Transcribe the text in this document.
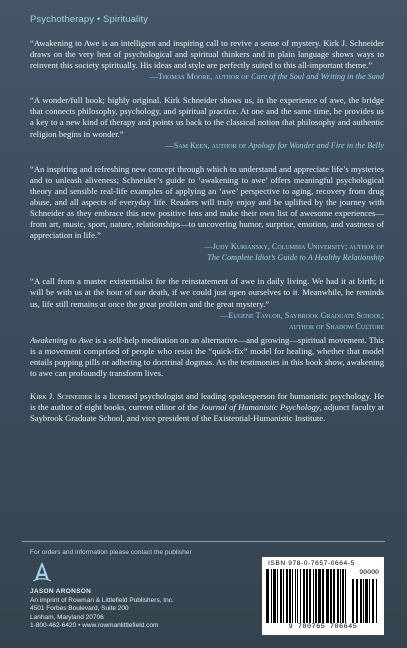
Psychotherapy • Spirituality
“Awakening to Awe is an intelligent and inspiring call to revive a sense of mystery. Kirk J. Schneider draws on the very best of psychological and spiritual thinkers and in plain language shows ways to reinvent this society spiritually. His ideas and style are perfectly suited to this all-important theme.”
—Thomas Moore, author of Care of the Soul and Writing in the Sand
“A wonder/full book; highly original. Kirk Schneider shows us, in the experience of awe, the bridge that connects philosophy, psychology, and spiritual practice. At one and the same time, he provides us a key to a new kind of therapy and points us back to the classical notion that philosophy and authentic religion begins in wonder.”
—Sam Keen, author of Apology for Wonder and Fire in the Belly
“An inspiring and refreshing new concept through which to understand and appreciate life’s mysteries and to unleash aliveness; Schneider’s guide to ‘awakening to awe’ offers meaningful psychological theory and sensible real-life examples of applying an ‘awe’ perspective to aging, recovery from drug abuse, and all aspects of everyday life. Readers will truly enjoy and be uplifted by the journey with Schneider as they embrace this new positive lens and make their own list of awesome experiences—from art, music, sport, nature, relationships—to uncovering humor, surprise, emotion, and vastness of appreciation in life.”
—Judy Kuriansky, Columbia University; author of
The Complete Idiot’s Guide to A Healthy Relationship
“A call from a master existentialist for the reinstatement of awe in daily living. We had it at birth; it will be with us at the hour of our death, if we could just open ourselves to it. Meanwhile, he reminds us, life still remains at once the great problem and the great mystery.”
—Eugene Taylor, Saybrook Graduate School;
author of Shadow Culture
Awakening to Awe is a self-help meditation on an alternative—and growing—spiritual movement. This is a movement comprised of people who resist the “quick-fix” model for healing, whether that model entails popping pills or adhering to doctrinal dogmas. As the testimonies in this book show, awakening to awe can profoundly transform lives.
Kirk J. Schneider is a licensed psychologist and leading spokesperson for humanistic psychology. He is the author of eight books, current editor of the Journal of Humanistic Psychology, adjunct faculty at Saybrook Graduate School, and vice president of the Existential-Humanistic Institute.
For orders and information please contact the publisher
JASON ARONSON
An imprint of Rowman & Littlefield Publishers, Inc.
4501 Forbes Boulevard, Suite 200
Lanham, Maryland 20706
1-800-462-6420 • www.rowmanlittlefield.com
ISBN 978-0-7657-0664-5
90000
9 780765 706645
